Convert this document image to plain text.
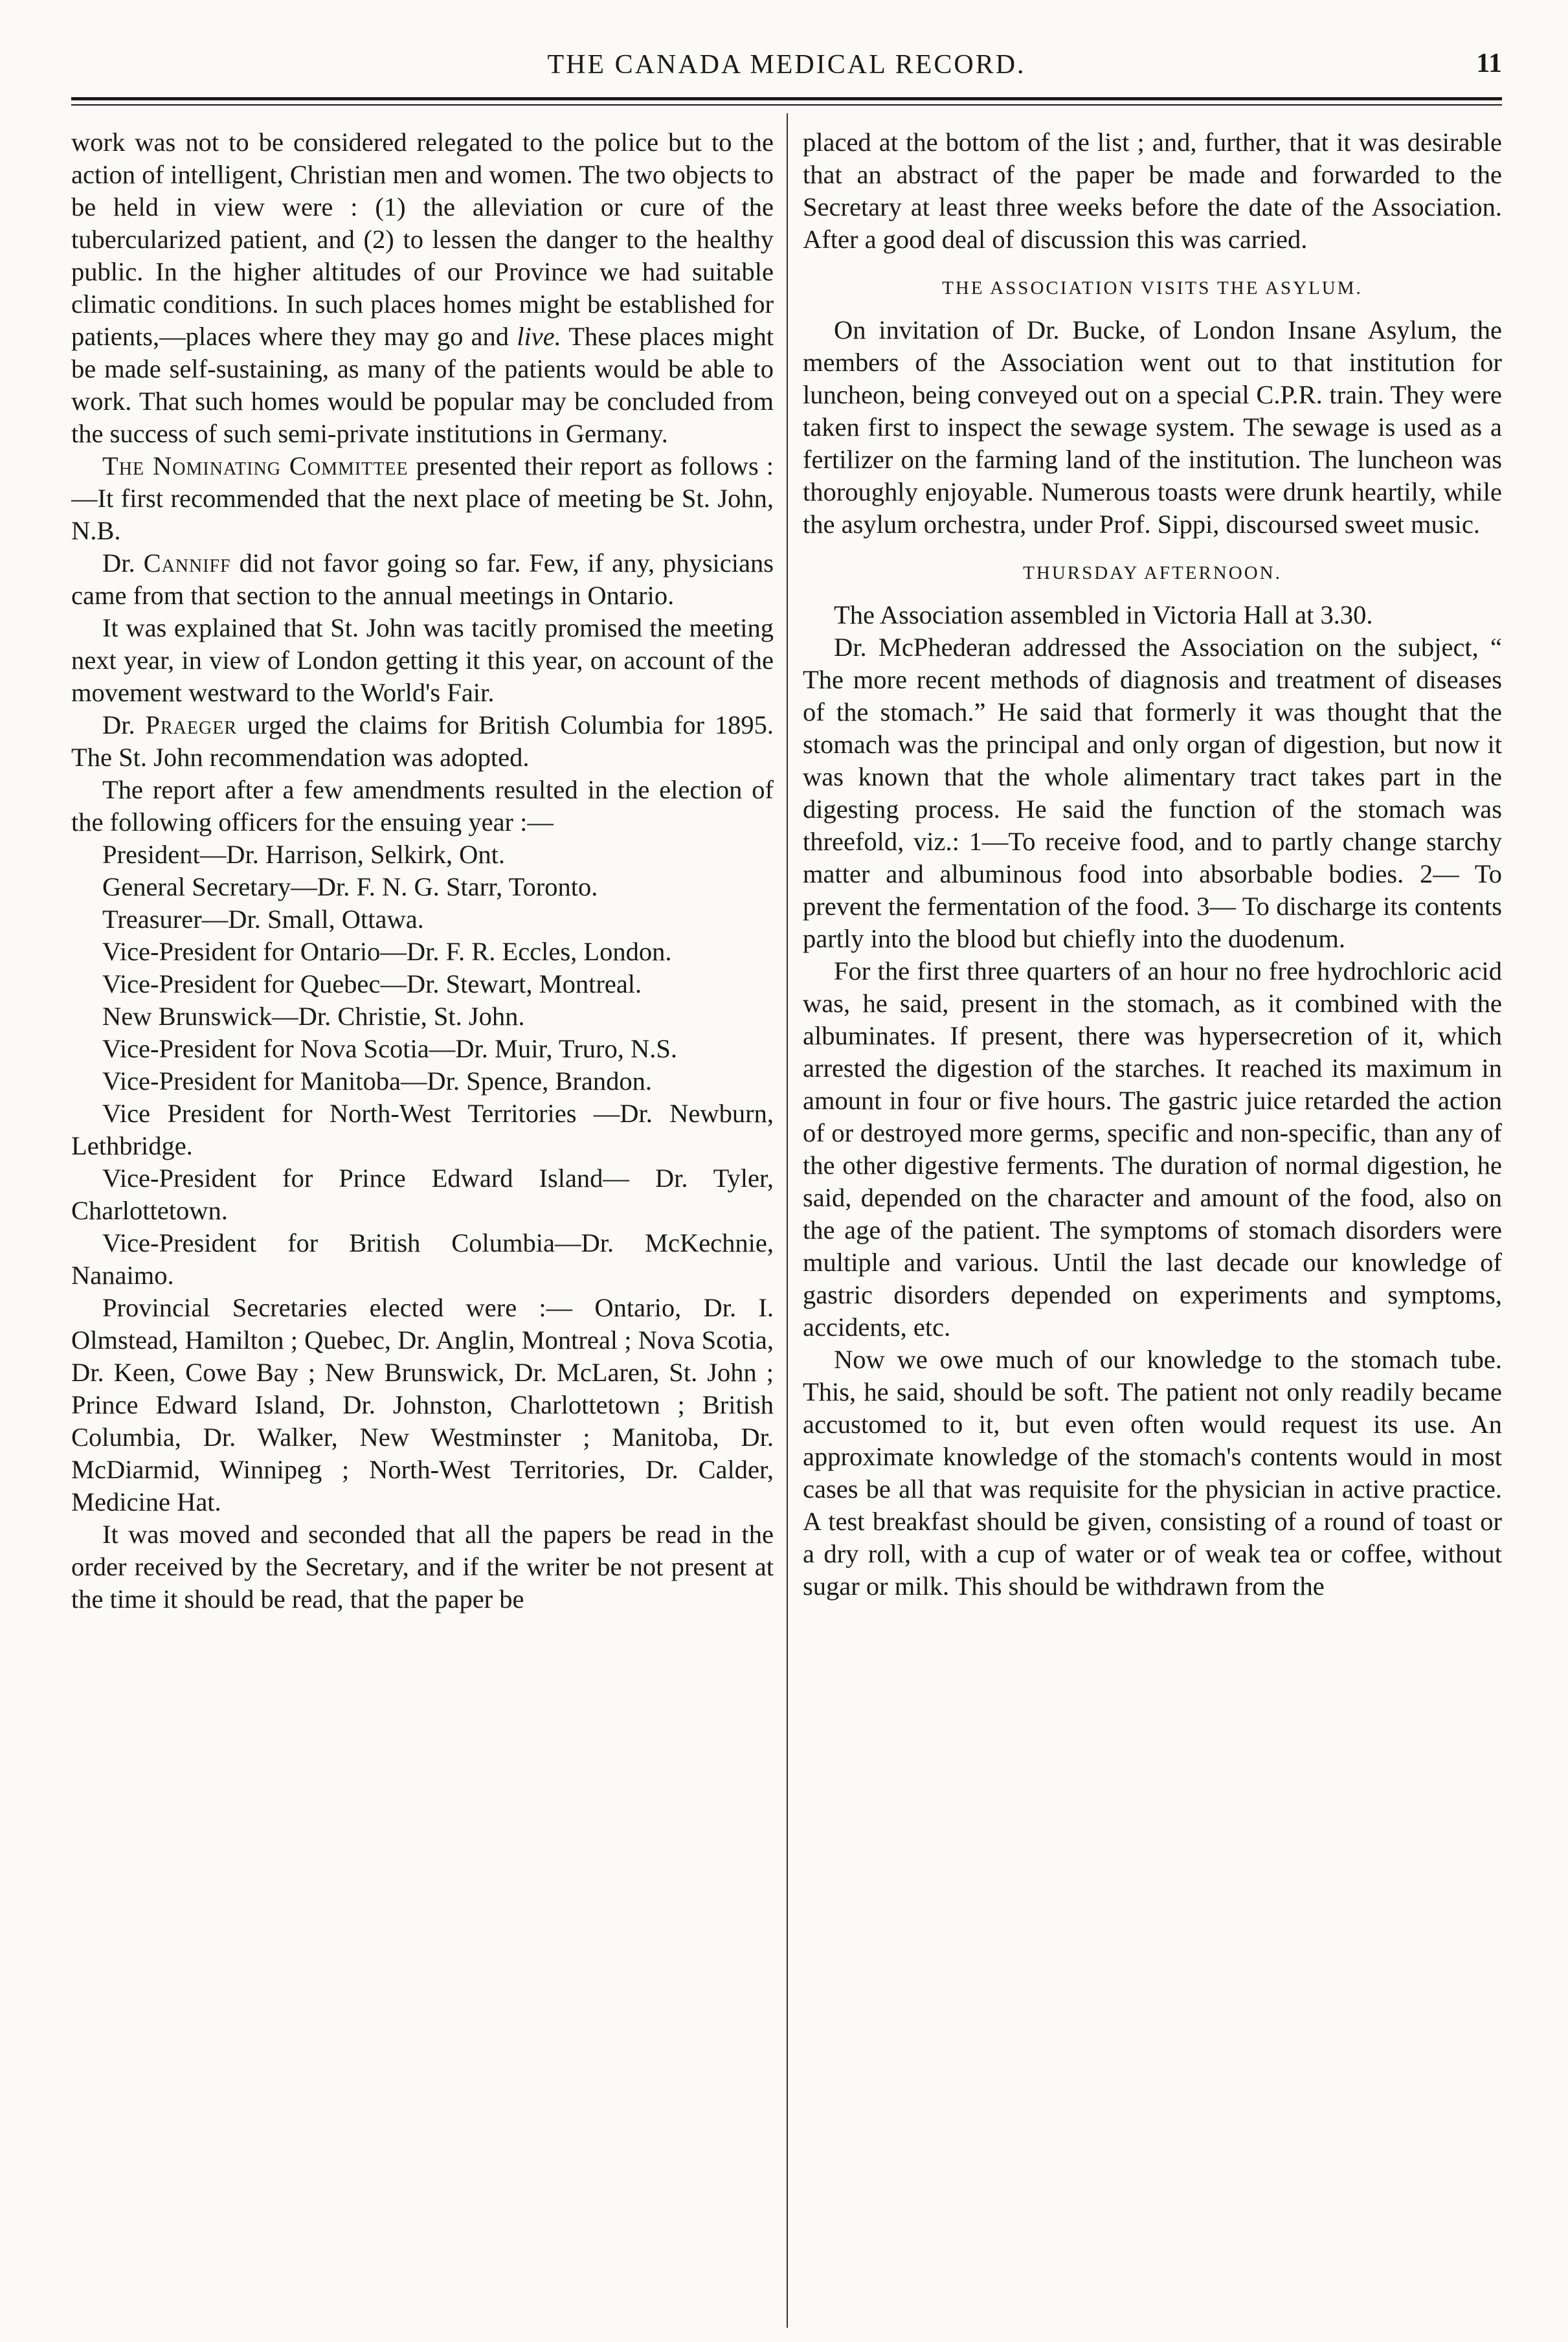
THE CANADA MEDICAL RECORD.	11

work was not to be considered relegated to the police but to the action of intelligent, Christian men and women. The two objects to be held in view were : (1) the alleviation or cure of the tubercularized patient, and (2) to lessen the danger to the healthy public. In the higher altitudes of our Province we had suitable climatic conditions. In such places homes might be established for patients,—places where they may go and live. These places might be made self-sustaining, as many of the patients would be able to work. That such homes would be popular may be concluded from the success of such semi-private institutions in Germany.

The Nominating Committee presented their report as follows :—It first recommended that the next place of meeting be St. John, N.B.

Dr. Canniff did not favor going so far. Few, if any, physicians came from that section to the annual meetings in Ontario.

It was explained that St. John was tacitly promised the meeting next year, in view of London getting it this year, on account of the movement westward to the World's Fair.

Dr. Praeger urged the claims for British Columbia for 1895. The St. John recommendation was adopted.

The report after a few amendments resulted in the election of the following officers for the ensuing year :—

President—Dr. Harrison, Selkirk, Ont.

General Secretary—Dr. F. N. G. Starr, Toronto.

Treasurer—Dr. Small, Ottawa.

Vice-President for Ontario—Dr. F. R. Eccles, London.

Vice-President for Quebec—Dr. Stewart, Montreal.

New Brunswick—Dr. Christie, St. John.

Vice-President for Nova Scotia—Dr. Muir, Truro, N.S.

Vice-President for Manitoba—Dr. Spence, Brandon.

Vice President for North-West Territories —Dr. Newburn, Lethbridge.

Vice-President for Prince Edward Island— Dr. Tyler, Charlottetown.

Vice-President for British Columbia—Dr. McKechnie, Nanaimo.

Provincial Secretaries elected were :— Ontario, Dr. I. Olmstead, Hamilton ; Quebec, Dr. Anglin, Montreal ; Nova Scotia, Dr. Keen, Cowe Bay ; New Brunswick, Dr. McLaren, St. John ; Prince Edward Island, Dr. Johnston, Charlottetown ; British Columbia, Dr. Walker, New Westminster ; Manitoba, Dr. McDiarmid, Winnipeg ; North-West Territories, Dr. Calder, Medicine Hat.

It was moved and seconded that all the papers be read in the order received by the Secretary, and if the writer be not present at the time it should be read, that the paper be

placed at the bottom of the list ; and, further, that it was desirable that an abstract of the paper be made and forwarded to the Secretary at least three weeks before the date of the Association. After a good deal of discussion this was carried.

THE ASSOCIATION VISITS THE ASYLUM.

On invitation of Dr. Bucke, of London Insane Asylum, the members of the Association went out to that institution for luncheon, being conveyed out on a special C.P.R. train. They were taken first to inspect the sewage system. The sewage is used as a fertilizer on the farming land of the institution. The luncheon was thoroughly enjoyable. Numerous toasts were drunk heartily, while the asylum orchestra, under Prof. Sippi, discoursed sweet music.

THURSDAY AFTERNOON.

The Association assembled in Victoria Hall at 3.30.

Dr. McPhederan addressed the Association on the subject, “ The more recent methods of diagnosis and treatment of diseases of the stomach.” He said that formerly it was thought that the stomach was the principal and only organ of digestion, but now it was known that the whole alimentary tract takes part in the digesting process. He said the function of the stomach was threefold, viz.: 1—To receive food, and to partly change starchy matter and albuminous food into absorbable bodies. 2— To prevent the fermentation of the food. 3— To discharge its contents partly into the blood but chiefly into the duodenum.

For the first three quarters of an hour no free hydrochloric acid was, he said, present in the stomach, as it combined with the albuminates. If present, there was hypersecretion of it, which arrested the digestion of the starches. It reached its maximum in amount in four or five hours. The gastric juice retarded the action of or destroyed more germs, specific and non-specific, than any of the other digestive ferments. The duration of normal digestion, he said, depended on the character and amount of the food, also on the age of the patient. The symptoms of stomach disorders were multiple and various. Until the last decade our knowledge of gastric disorders depended on experiments and symptoms, accidents, etc.

Now we owe much of our knowledge to the stomach tube. This, he said, should be soft. The patient not only readily became accustomed to it, but even often would request its use. An approximate knowledge of the stomach's contents would in most cases be all that was requisite for the physician in active practice. A test breakfast should be given, consisting of a round of toast or a dry roll, with a cup of water or of weak tea or coffee, without sugar or milk. This should be withdrawn from the
